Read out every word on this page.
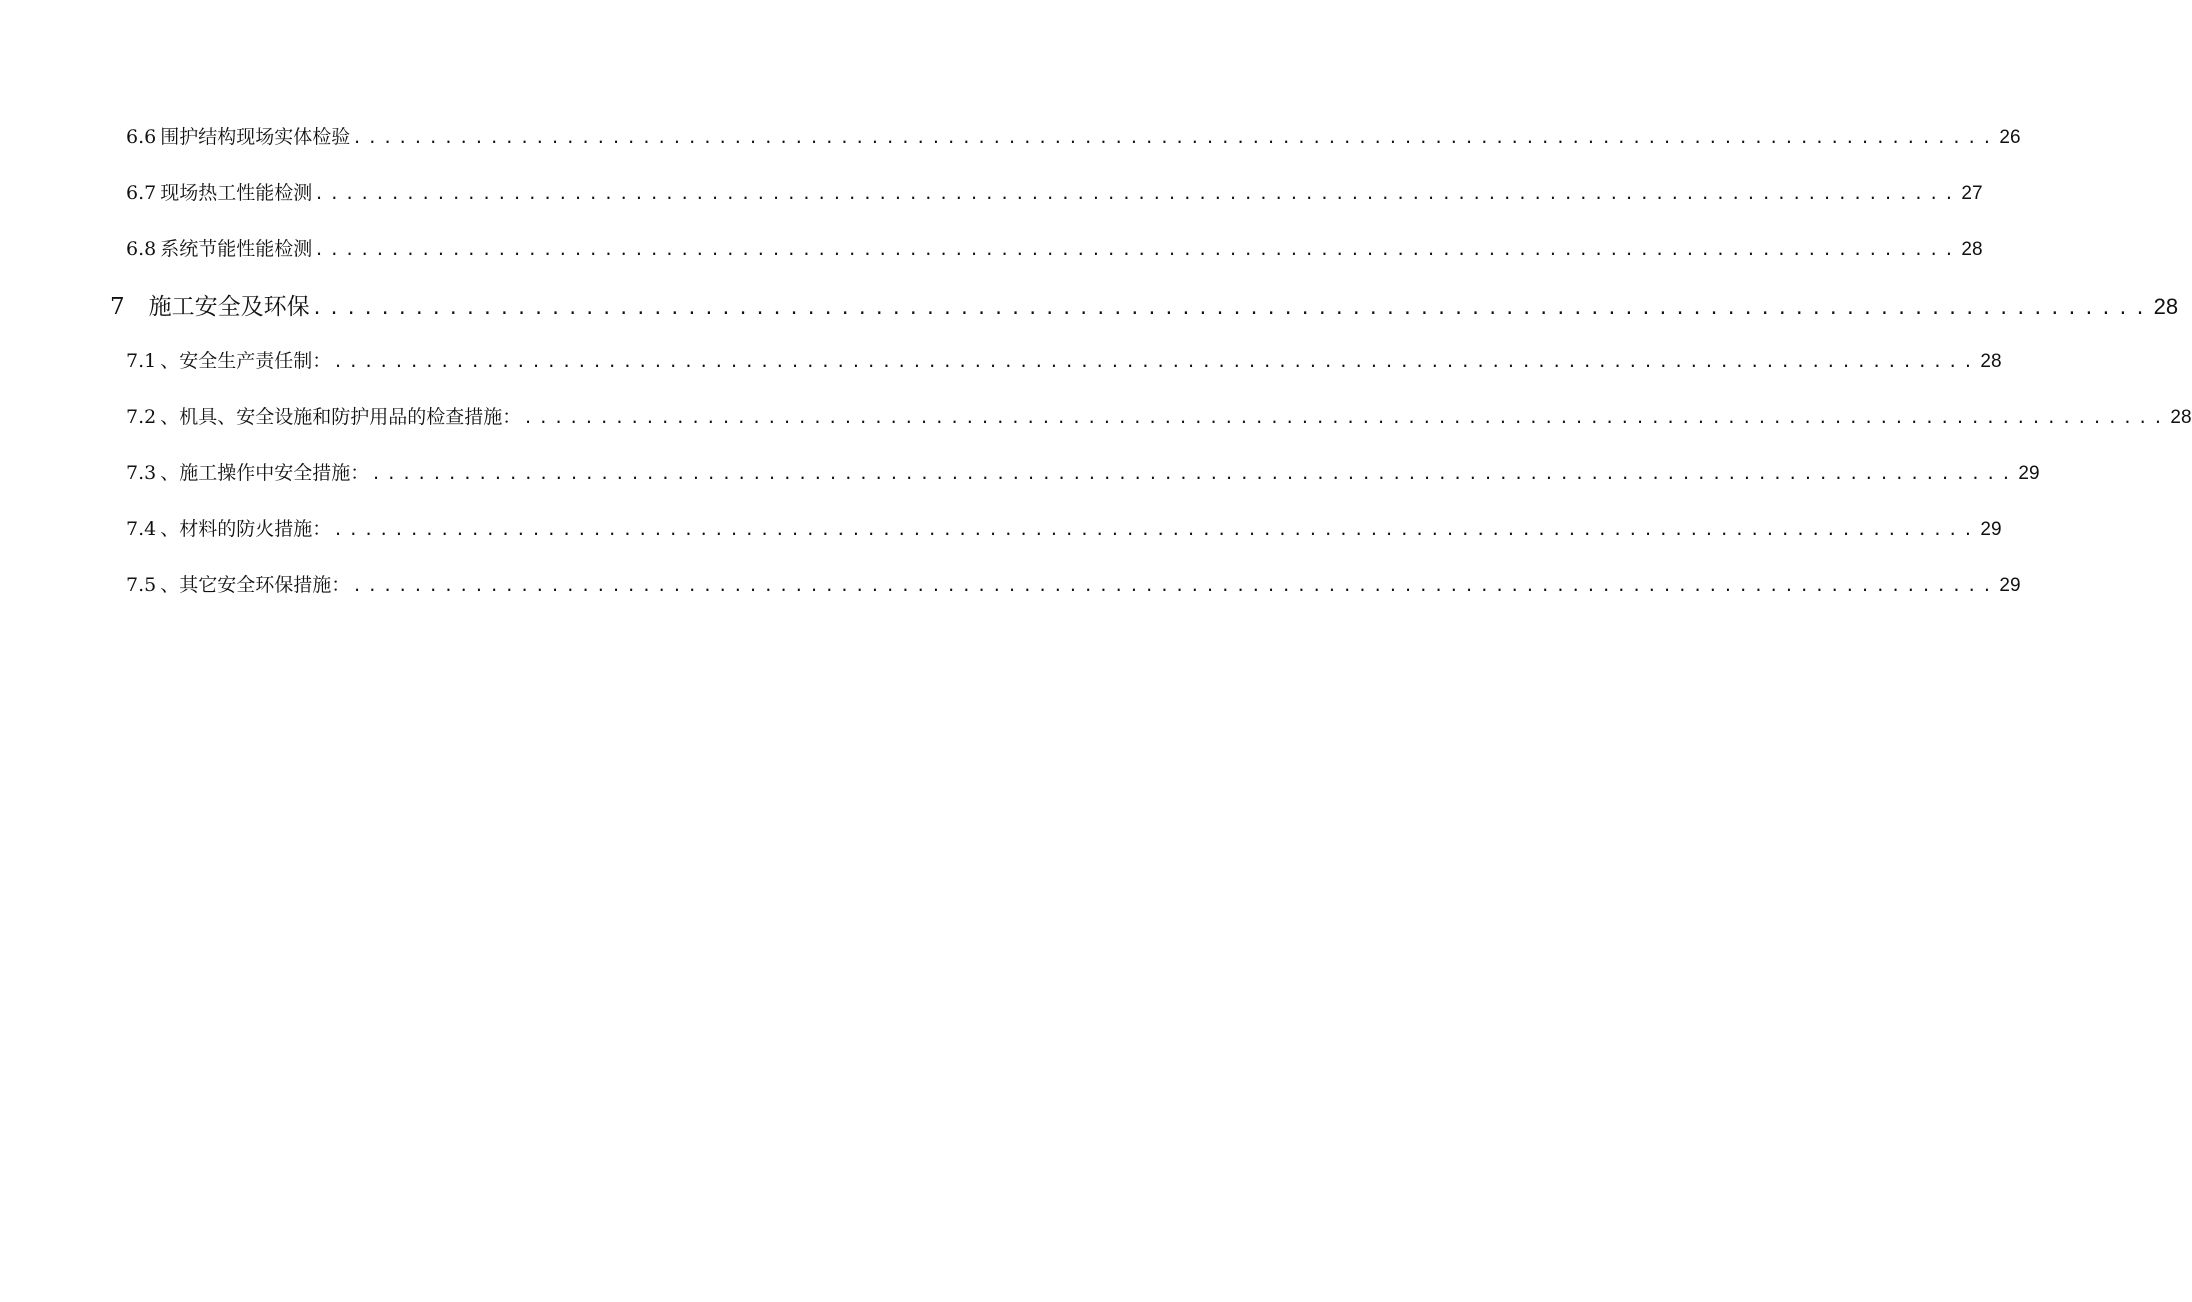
6.6 围护结构现场实体检验 ............................................................................................................ 26
6.7 现场热工性能检测 ............................................................................................................ 27
6.8 系统节能性能检测 ............................................................................................................ 28
7 施工安全及环保 ............................................................................................................ 28
7.1 、安全生产责任制： ............................................................................................................ 28
7.2 、机具、安全设施和防护用品的检查措施： ............................................................................................................ 28
7.3 、施工操作中安全措施： ............................................................................................................ 29
7.4 、材料的防火措施： ............................................................................................................ 29
7.5 、其它安全环保措施： ............................................................................................................ 29
